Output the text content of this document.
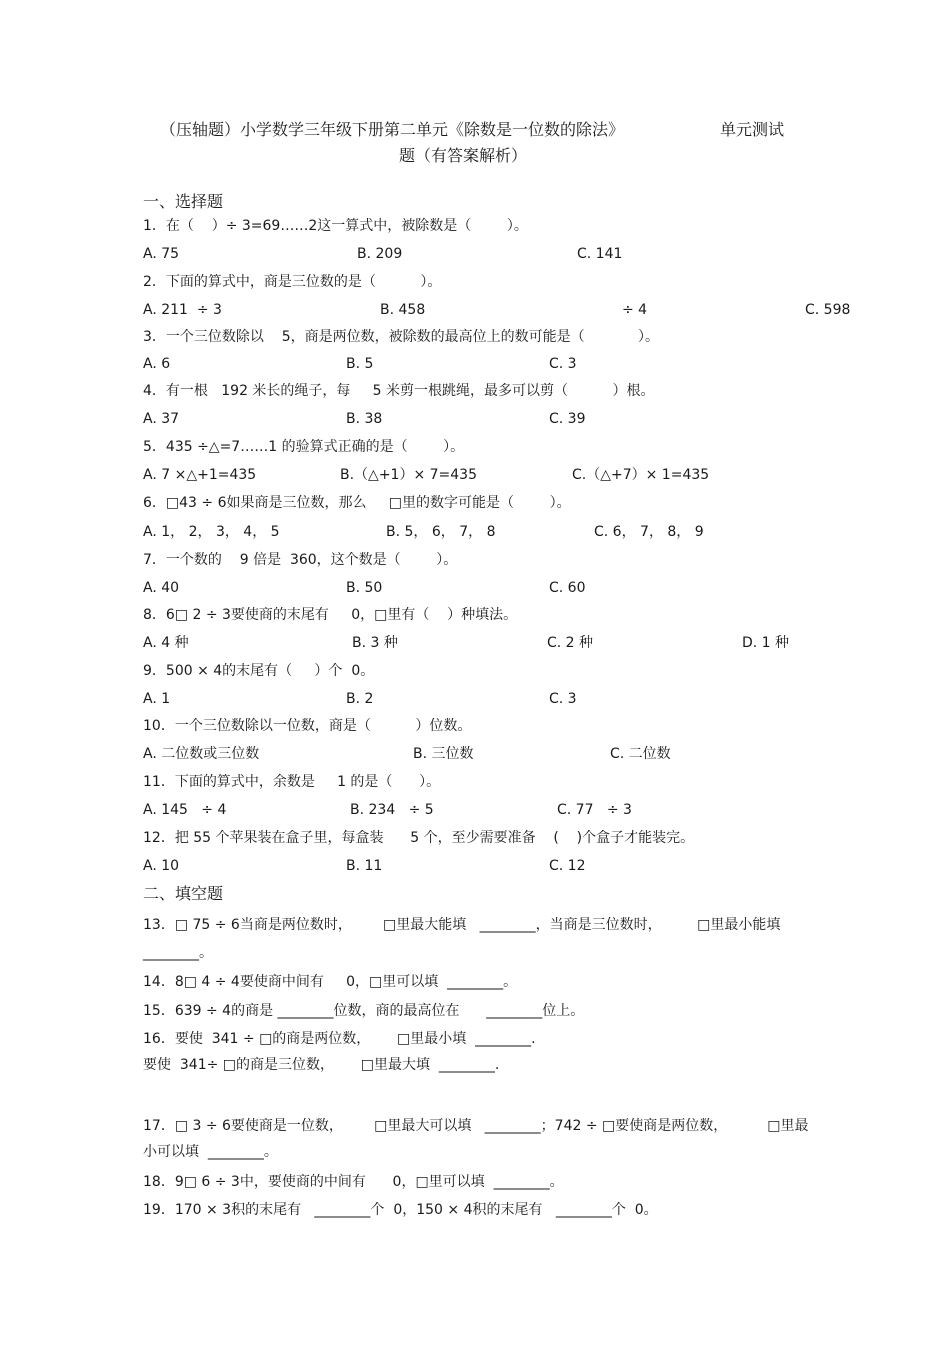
（压轴题）小学数学三年级下册第二单元《除数是一位数的除法》	单元测试
题（有答案解析）
一、选择题
1．在（    ）÷ 3=69……2这一算式中，被除数是（        ）。
A. 75	B. 209	C. 141
2．下面的算式中，商是三位数的是（          ）。
A. 211  ÷ 3	B. 458	÷ 4	C. 598
3．一个三位数除以    5，商是两位数，被除数的最高位上的数可能是（            ）。
A. 6	B. 5	C. 3
4．有一根   192 米长的绳子，每     5 米剪一根跳绳，最多可以剪（          ）根。
A. 37	B. 38	C. 39
5．435 ÷△=7……1 的验算式正确的是（        ）。
A. 7 ×△+1=435	B.（△+1）× 7=435	C.（△+7）× 1=435
6．□43 ÷ 6如果商是三位数，那么     □里的数字可能是（        ）。
A. 1， 2， 3， 4， 5	B. 5， 6， 7， 8	C. 6， 7， 8， 9
7．一个数的    9 倍是  360，这个数是（        ）。
A. 40	B. 50	C. 60
8．6□ 2 ÷ 3要使商的末尾有     0，□里有（    ）种填法。
A. 4 种	B. 3 种	C. 2 种	D. 1 种
9．500 × 4的末尾有（     ）个  0。
A. 1	B. 2	C. 3
10．一个三位数除以一位数，商是（          ）位数。
A. 二位数或三位数	B. 三位数	C. 二位数
11．下面的算式中，余数是     1 的是（      ）。
A. 145   ÷ 4	B. 234   ÷ 5	C. 77   ÷ 3
12．把 55 个苹果装在盒子里，每盒装      5 个，至少需要准备    (    )个盒子才能装完。
A. 10	B. 11	C. 12
二、填空题
13．□ 75 ÷ 6当商是两位数时，       □里最大能填   ________，当商是三位数时，        □里最小能填
________。
14．8□ 4 ÷ 4要使商中间有     0，□里可以填  ________。
15．639 ÷ 4的商是 ________位数，商的最高位在      ________位上。
16．要使  341 ÷ □的商是两位数，      □里最小填  ________.
要使  341÷ □的商是三位数，      □里最大填  ________.
17．□ 3 ÷ 6要使商是一位数，       □里最大可以填   ________；742 ÷ □要使商是两位数，         □里最
小可以填  ________。
18．9□ 6 ÷ 3中，要使商的中间有      0，□里可以填  ________。
19．170 × 3积的末尾有   ________个  0，150 × 4积的末尾有   ________个  0。
